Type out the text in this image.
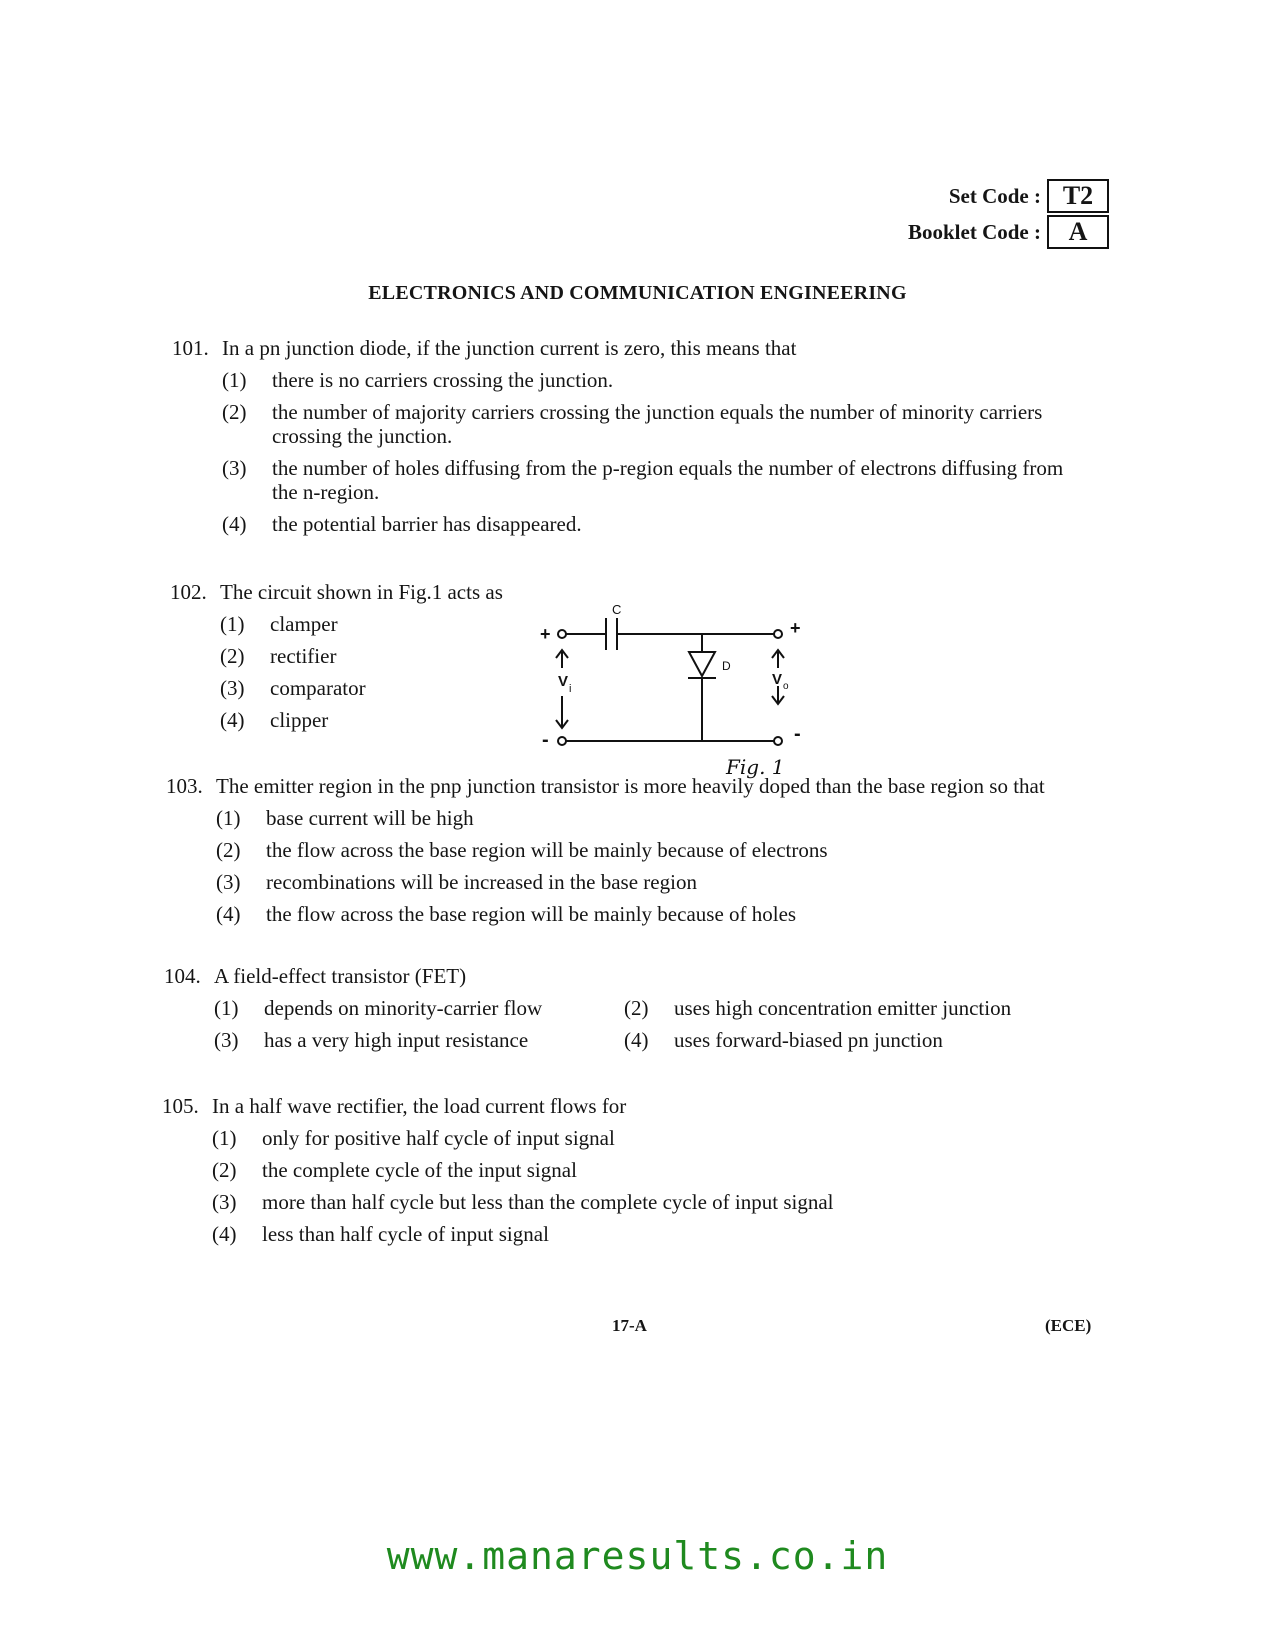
Set Code : T2
Booklet Code :	A
ELECTRONICS AND COMMUNICATION ENGINEERING
101. In a pn junction diode, if the junction current is zero, this means that
(1)	there is no carriers crossing the junction.
(2)	the number of majority carriers crossing the junction equals the number of minority carriers crossing the junction.
(3)	the number of holes diffusing from the p-region equals the number of electrons diffusing from the n-region.
(4)	the potential barrier has disappeared.
102. The circuit shown in Fig.1 acts as
(1)	clamper
(2)	rectifier
(3)	comparator
(4)	clipper
C
D
+
-
+
-
V i
V o
Fig. 1
103. The emitter region in the pnp junction transistor is more heavily doped than the base region so that
(1)	base current will be high
(2)	the flow across the base region will be mainly because of electrons
(3)	recombinations will be increased in the base region
(4)	the flow across the base region will be mainly because of holes
104. A field-effect transistor (FET)
(1)	depends on minority-carrier flow	(2)	uses high concentration emitter junction
(3)	has a very high input resistance	(4)	uses forward-biased pn junction
105. In a half wave rectifier, the load current flows for
(1)	only for positive half cycle of input signal
(2)	the complete cycle of the input signal
(3)	more than half cycle but less than the complete cycle of input signal
(4)	less than half cycle of input signal
17-A	(ECE)
www.manaresults.co.in
